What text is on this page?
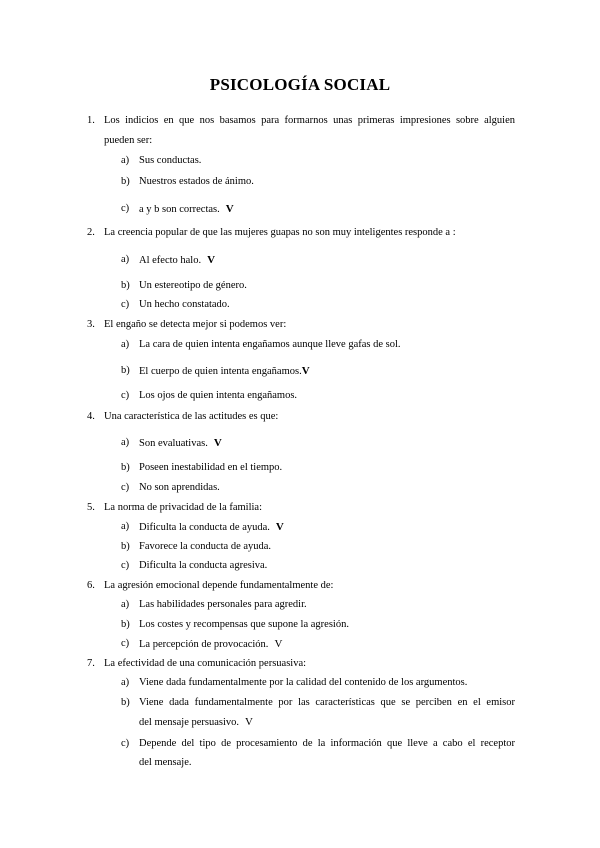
PSICOLOGÍA SOCIAL
1. Los indicios en que nos basamos para formarnos unas primeras impresiones sobre alguien
pueden ser:
a) Sus conductas.
b) Nuestros estados de ánimo.
c) a y b son correctas. V
2. La creencia popular de que las mujeres guapas no son muy inteligentes responde a :
a) Al efecto halo. V
b) Un estereotipo de género.
c) Un hecho constatado.
3. El engaño se detecta mejor si podemos ver:
a) La cara de quien intenta engañamos aunque lleve gafas de sol.
b) El cuerpo de quien intenta engañamos.V
c) Los ojos de quien intenta engañamos.
4. Una característica de las actitudes es que:
a) Son evaluativas. V
b) Poseen inestabilidad en el tiempo.
c) No son aprendidas.
5. La norma de privacidad de la familia:
a) Dificulta la conducta de ayuda. V
b) Favorece la conducta de ayuda.
c) Dificulta la conducta agresiva.
6. La agresión emocional depende fundamentalmente de:
a) Las habilidades personales para agredir.
b) Los costes y recompensas que supone la agresión.
c) La percepción de provocación. V
7. La efectividad de una comunicación persuasiva:
a) Viene dada fundamentalmente por la calidad del contenido de los argumentos.
b) Viene dada fundamentalmente por las características que se perciben en el emisor
del mensaje persuasivo. V
c) Depende del tipo de procesamiento de la información que lleve a cabo el receptor
del mensaje.
